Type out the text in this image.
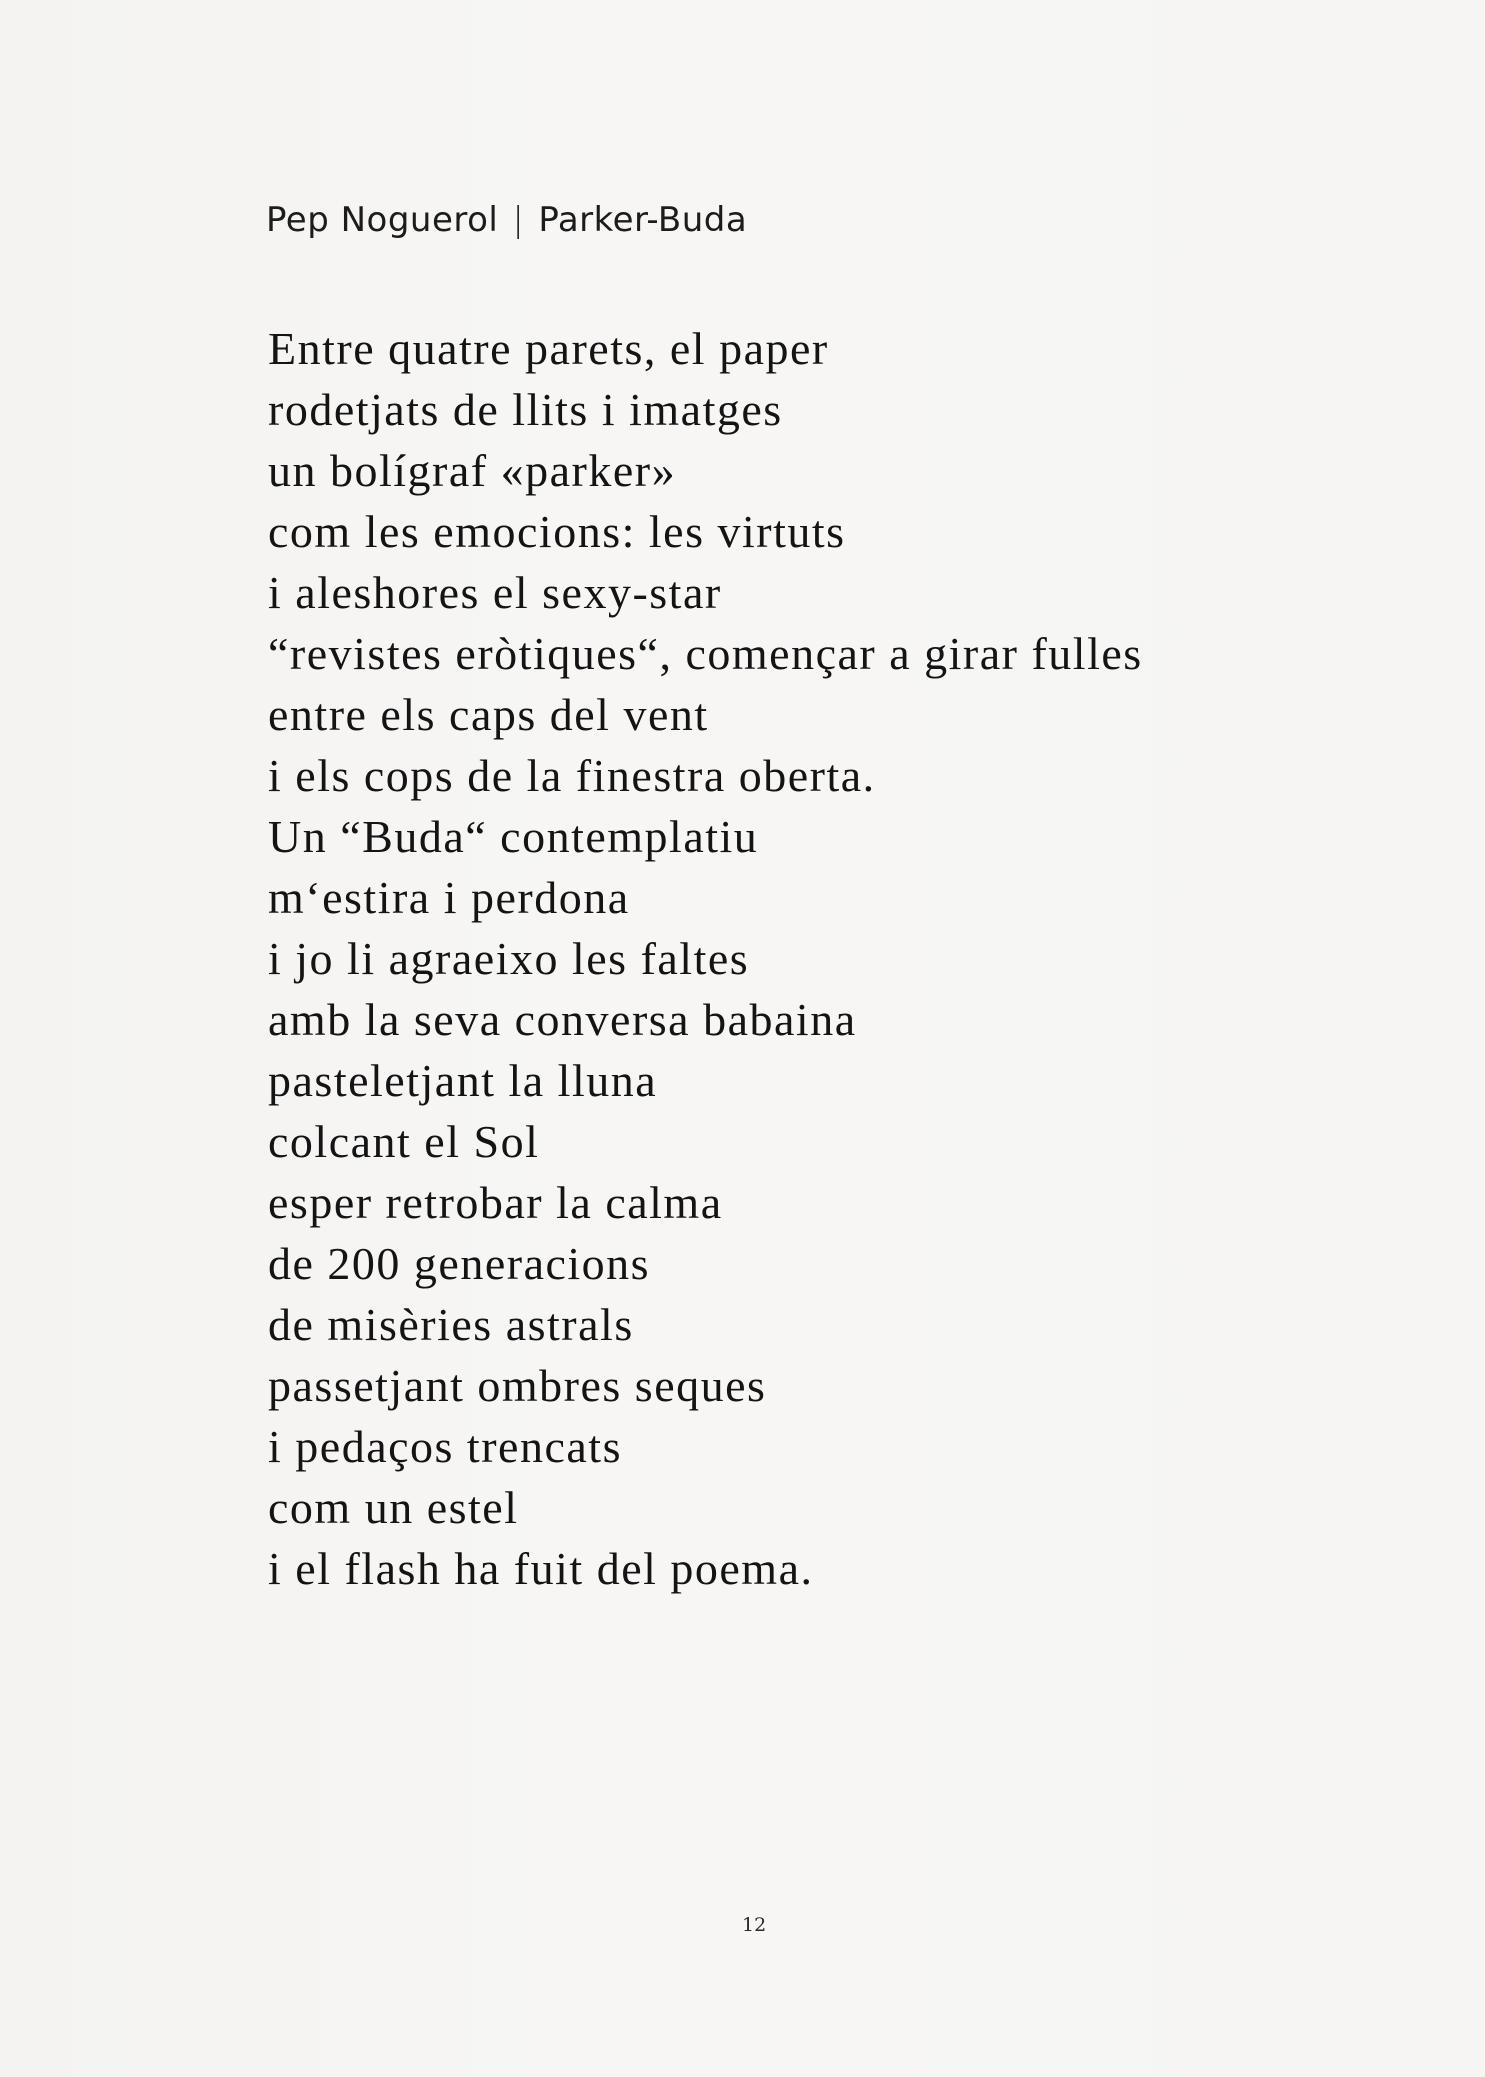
Pep Noguerol | Parker-Buda
Entre quatre parets, el paper
rodetjats de llits i imatges
un bolígraf «parker»
com les emocions: les virtuts
i aleshores el sexy-star
“revistes eròtiques“, començar a girar fulles
entre els caps del vent
i els cops de la finestra oberta.
Un “Buda“ contemplatiu
m‘estira i perdona
i jo li agraeixo les faltes
amb la seva conversa babaina
pasteletjant la lluna
colcant el Sol
esper retrobar la calma
de 200 generacions
de misèries astrals
passetjant ombres seques
i pedaços trencats
com un estel
i el flash ha fuit del poema.
12
